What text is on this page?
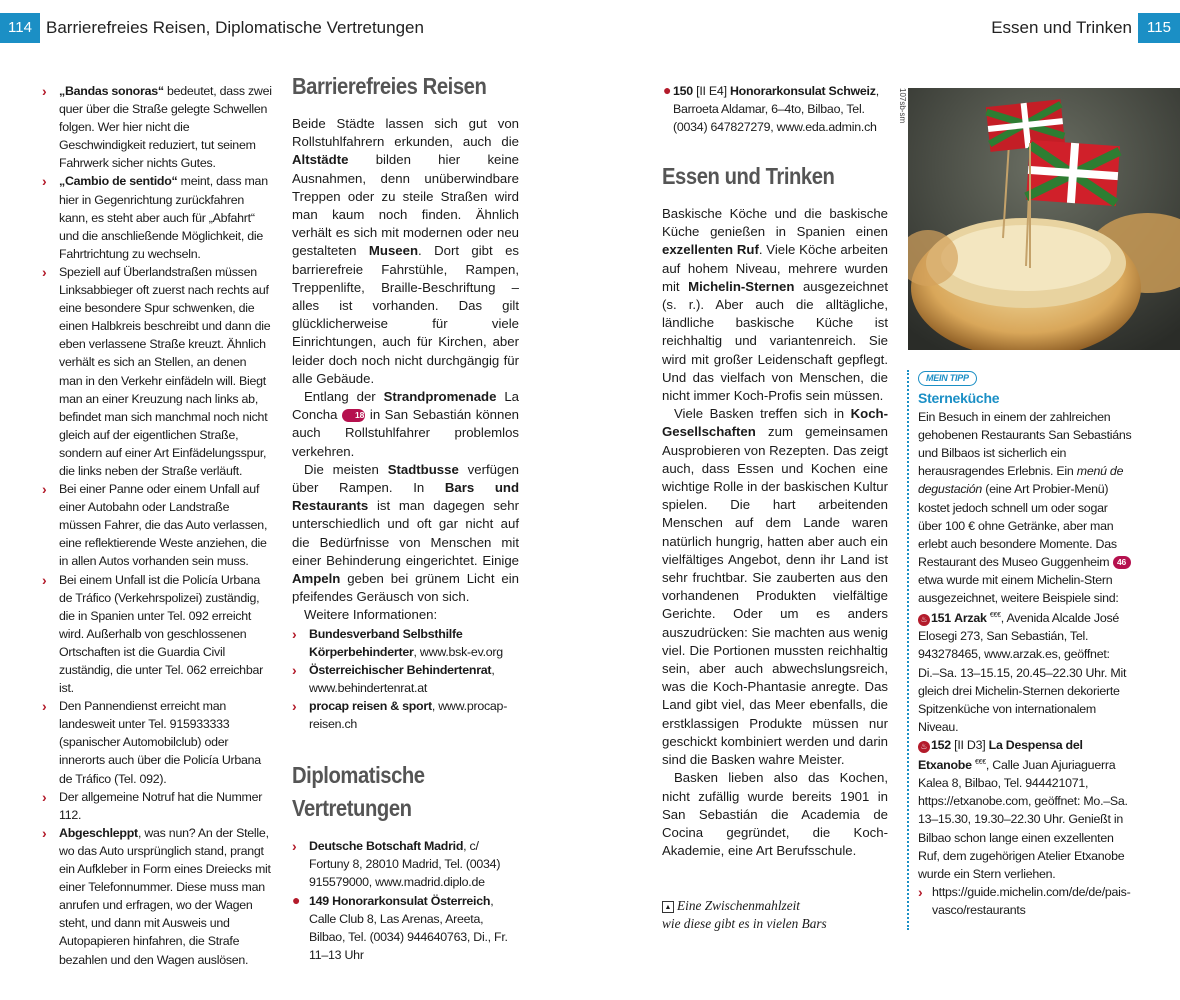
114 Barrierefreies Reisen, Diplomatische Vertretungen	Essen und Trinken	115
› „Bandas sonoras“ bedeutet, dass zwei quer über die Straße gelegte Schwellen folgen. Wer hier nicht die Geschwindigkeit reduziert, tut seinem Fahrwerk sicher nichts Gutes.
› „Cambio de sentido“ meint, dass man hier in Gegenrichtung zurückfahren kann, es steht aber auch für „Abfahrt“ und die anschließende Möglichkeit, die Fahrtrichtung zu wechseln.
› Speziell auf Überlandstraßen müssen Linksabbieger oft zuerst nach rechts auf eine besondere Spur schwenken, die einen Halbkreis beschreibt und dann die eben verlassene Straße kreuzt. Ähnlich verhält es sich an Stellen, an denen man in den Verkehr einfädeln will. Biegt man an einer Kreuzung nach links ab, befindet man sich manchmal noch nicht gleich auf der eigentlichen Straße, sondern auf einer Art Einfädelungsspur, die links neben der Straße verläuft.
› Bei einer Panne oder einem Unfall auf einer Autobahn oder Landstraße müssen Fahrer, die das Auto verlassen, eine reflektierende Weste anziehen, die in allen Autos vorhanden sein muss.
› Bei einem Unfall ist die Policía Urbana de Tráfico (Verkehrspolizei) zuständig, die in Spanien unter Tel. 092 erreicht wird. Außerhalb von geschlossenen Ortschaften ist die Guardia Civil zuständig, die unter Tel. 062 erreichbar ist.
› Den Pannendienst erreicht man landesweit unter Tel. 915933333 (spanischer Automobilclub) oder innerorts auch über die Policía Urbana de Tráfico (Tel. 092).
› Der allgemeine Notruf hat die Nummer 112.
› Abgeschleppt, was nun? An der Stelle, wo das Auto ursprünglich stand, prangt ein Aufkleber in Form eines Dreiecks mit einer Telefonnummer. Diese muss man anrufen und erfragen, wo der Wagen steht, und dann mit Ausweis und Autopapieren hinfahren, die Strafe bezahlen und den Wagen auslösen.
Barrierefreies Reisen

Beide Städte lassen sich gut von Rollstuhlfahrern erkunden, auch die Altstädte bilden hier keine Ausnahmen, denn unüberwindbare Treppen oder zu steile Straßen wird man kaum noch finden. Ähnlich verhält es sich mit modernen oder neu gestalteten Museen. Dort gibt es barrierefreie Fahrstühle, Rampen, Treppenlifte, Braille-Beschriftung – alles ist vorhanden. Das gilt glücklicherweise für viele Einrichtungen, auch für Kirchen, aber leider doch noch nicht durchgängig für alle Gebäude.

Entlang der Strandpromenade La Concha 18 in San Sebastián können auch Rollstuhlfahrer problemlos verkehren.

Die meisten Stadtbusse verfügen über Rampen. In Bars und Restaurants ist man dagegen sehr unterschiedlich und oft gar nicht auf die Bedürfnisse von Menschen mit einer Behinderung eingerichtet. Einige Ampeln geben bei grünem Licht ein pfeifendes Geräusch von sich.

Weitere Informationen:

› Bundesverband Selbsthilfe Körperbehinderter, www.bsk-ev.org
› Österreichischer Behindertenrat, www.behindertenrat.at
› procap reisen & sport, www.procap-reisen.ch
Diplomatische
Vertretungen
› Deutsche Botschaft Madrid, c/ Fortuny 8, 28010 Madrid, Tel. (0034) 915579000, www.madrid.diplo.de
● 149 Honorarkonsulat Österreich, Calle Club 8, Las Arenas, Areeta, Bilbao, Tel. (0034) 944640763, Di., Fr. 11–13 Uhr
● 150 [II E4] Honorarkonsulat Schweiz, Barroeta Aldamar, 6–4to, Bilbao, Tel. (0034) 647827279, www.eda.admin.ch
Essen und Trinken

Baskische Köche und die baskische Küche genießen in Spanien einen exzellenten Ruf. Viele Köche arbeiten auf hohem Niveau, mehrere wurden mit Michelin-Sternen ausgezeichnet (s. r.). Aber auch die alltägliche, ländliche baskische Küche ist reichhaltig und variantenreich. Sie wird mit großer Leidenschaft gepflegt. Und das vielfach von Menschen, die nicht immer Koch-Profis sein müssen.

Viele Basken treffen sich in Koch-Gesellschaften zum gemeinsamen Ausprobieren von Rezepten. Das zeigt auch, dass Essen und Kochen eine wichtige Rolle in der baskischen Kultur spielen. Die hart arbeitenden Menschen auf dem Lande waren natürlich hungrig, hatten aber auch ein vielfältiges Angebot, denn ihr Land ist sehr fruchtbar. Sie zauberten aus den vorhandenen Produkten vielfältige Gerichte. Oder um es anders auszudrücken: Sie machten aus wenig viel. Die Portionen mussten reichhaltig sein, aber auch abwechslungsreich, was die Koch-Phantasie anregte. Das Land gibt viel, das Meer ebenfalls, die erstklassigen Produkte müssen nur geschickt kombiniert werden und darin sind die Basken wahre Meister.

Basken lieben also das Kochen, nicht zufällig wurde bereits 1901 in San Sebastián die Academia de Cocina gegründet, die Koch-Akademie, eine Art Berufsschule.

▲ Eine Zwischenmahlzeit
wie diese gibt es in vielen Bars
107sb-sm
MEIN TIPP
Sterneküche
Ein Besuch in einem der zahlreichen gehobenen Restaurants San Sebastiáns und Bilbaos ist sicherlich ein herausragendes Erlebnis. Ein menú de degustación (eine Art Probier-Menü) kostet jedoch schnell um oder sogar über 100 € ohne Getränke, aber man erlebt auch besondere Momente. Das Restaurant des Museo Guggenheim 46 etwa wurde mit einem Michelin-Stern ausgezeichnet, weitere Beispiele sind:
♨ 151 Arzak €€€, Avenida Alcalde José Elosegi 273, San Sebastián, Tel. 943278465, www.arzak.es, geöffnet: Di.–Sa. 13–15.15, 20.45–22.30 Uhr. Mit gleich drei Michelin-Sternen dekorierte Spitzenküche von internationalem Niveau.
♨ 152 [II D3] La Despensa del Etxanobe €€€, Calle Juan Ajuriaguerra Kalea 8, Bilbao, Tel. 944421071, https://etxanobe.com, geöffnet: Mo.–Sa. 13–15.30, 19.30–22.30 Uhr. Genießt in Bilbao schon lange einen exzellenten Ruf, dem zugehörigen Atelier Etxanobe wurde ein Stern verliehen.
› https://guide.michelin.com/de/de/pais-vasco/restaurants
